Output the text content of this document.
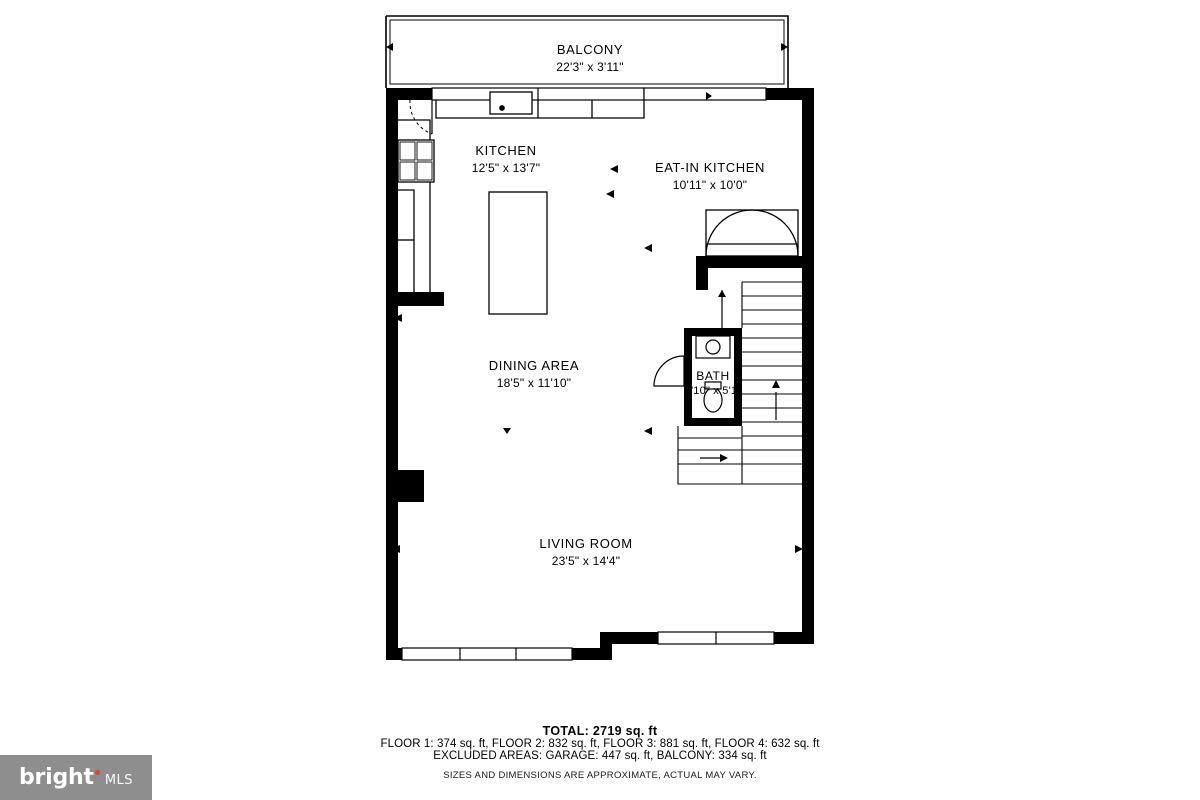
BALCONY
22'3" x 3'11"
KITCHEN
12'5" x 13'7"	EAT-IN KITCHEN
10'11" x 10'0"
DINING AREA
18'5" x 11'10"	BATH
2'10" x 5'1"
LIVING ROOM
23'5" x 14'4"
TOTAL: 2719 sq. ft
FLOOR 1: 374 sq. ft, FLOOR 2: 832 sq. ft, FLOOR 3: 881 sq. ft, FLOOR 4: 632 sq. ft
EXCLUDED AREAS: GARAGE: 447 sq. ft, BALCONY: 334 sq. ft
SIZES AND DIMENSIONS ARE APPROXIMATE, ACTUAL MAY VARY.
bright MLS
